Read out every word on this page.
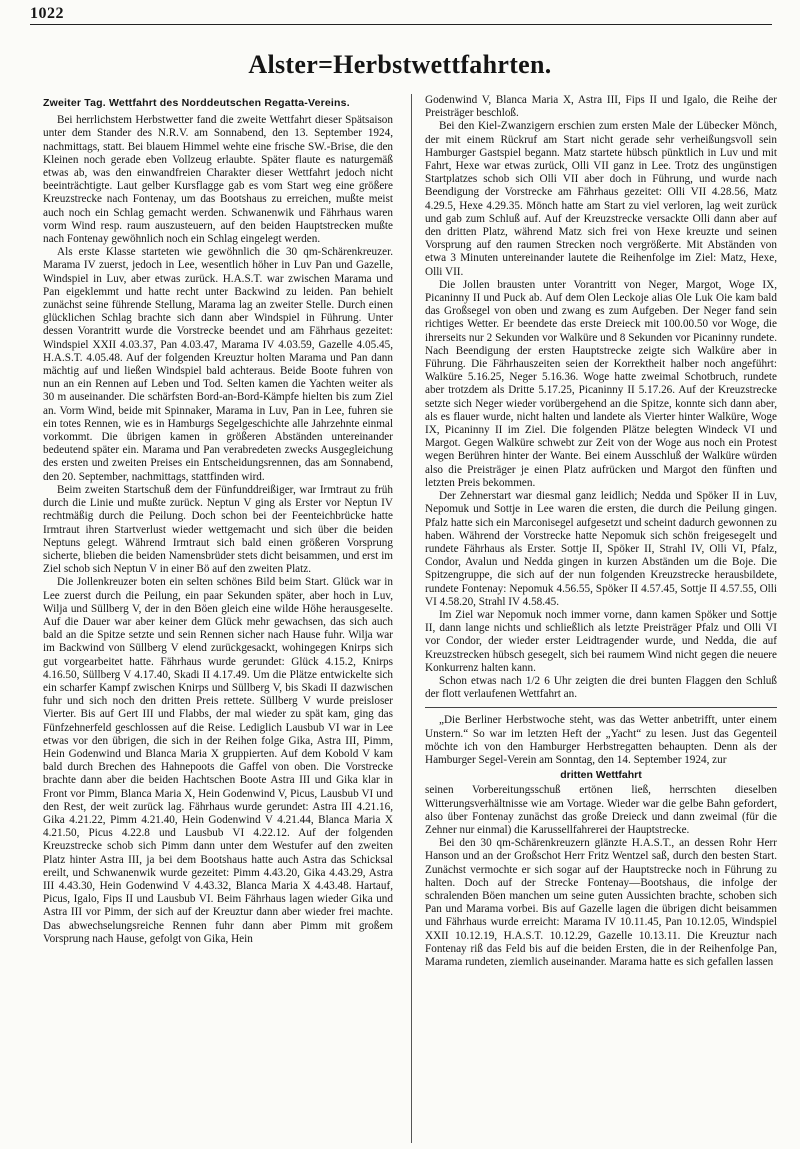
1022
Alster=Herbstwettfahrten.
Zweiter Tag. Wettfahrt des Norddeutschen Regatta-Vereins.

Bei herrlichstem Herbstwetter fand die zweite Wettfahrt dieser Spätsaison unter dem Stander des N.R.V. am Sonnabend, den 13. September 1924, nachmittags, statt. Bei blauem Himmel wehte eine frische SW.-Brise, die den Kleinen noch gerade eben Vollzeug erlaubte. Später flaute es naturgemäß etwas ab, was den einwandfreien Charakter dieser Wettfahrt jedoch nicht beeinträchtigte. Laut gelber Kursflagge gab es vom Start weg eine größere Kreuzstrecke nach Fontenay, um das Bootshaus zu erreichen, mußte meist auch noch ein Schlag gemacht werden. Schwanenwik und Fährhaus waren vorm Wind resp. raum auszusteuern, auf den beiden Hauptstrecken mußte nach Fontenay gewöhnlich noch ein Schlag eingelegt werden.

Als erste Klasse starteten wie gewöhnlich die 30 qm-Schärenkreuzer. Marama IV zuerst, jedoch in Lee, wesentlich höher in Luv Pan und Gazelle, Windspiel in Luv, aber etwas zurück. H.A.S.T. war zwischen Marama und Pan eigeklemmt und hatte recht unter Backwind zu leiden. Pan behielt zunächst seine führende Stellung, Marama lag an zweiter Stelle. Durch einen glücklichen Schlag brachte sich dann aber Windspiel in Führung. Unter dessen Vorantritt wurde die Vorstrecke beendet und am Fährhaus gezeitet: Windspiel XXII 4.03.37, Pan 4.03.47, Marama IV 4.03.59, Gazelle 4.05.45, H.A.S.T. 4.05.48. Auf der folgenden Kreuztur holten Marama und Pan dann mächtig auf und ließen Windspiel bald achteraus. Beide Boote fuhren von nun an ein Rennen auf Leben und Tod. Selten kamen die Yachten weiter als 30 m auseinander. Die schärfsten Bord-an-Bord-Kämpfe hielten bis zum Ziel an. Vorm Wind, beide mit Spinnaker, Marama in Luv, Pan in Lee, fuhren sie ein totes Rennen, wie es in Hamburgs Segelgeschichte alle Jahrzehnte einmal vorkommt. Die übrigen kamen in größeren Abständen untereinander bedeutend später ein. Marama und Pan verabredeten zwecks Ausgegleichung des ersten und zweiten Preises ein Entscheidungsrennen, das am Sonnabend, den 20. September, nachmittags, stattfinden wird.

Beim zweiten Startschuß dem der Fünfunddreißiger, war Irmtraut zu früh durch die Linie und mußte zurück. Neptun V ging als Erster vor Neptun IV rechtmäßig durch die Peilung. Doch schon bei der Feenteichbrücke hatte Irmtraut ihren Startverlust wieder wettgemacht und sich über die beiden Neptuns gelegt. Während Irmtraut sich bald einen größeren Vorsprung sicherte, blieben die beiden Namensbrüder stets dicht beisammen, und erst im Ziel schob sich Neptun V in einer Bö auf den zweiten Platz.

Die Jollenkreuzer boten ein selten schönes Bild beim Start. Glück war in Lee zuerst durch die Peilung, ein paar Sekunden später, aber hoch in Luv, Wilja und Süllberg V, der in den Böen gleich eine wilde Höhe herausgeselte. Auf die Dauer war aber keiner dem Glück mehr gewachsen, das sich auch bald an die Spitze setzte und sein Rennen sicher nach Hause fuhr. Wilja war im Backwind von Süllberg V elend zurückgesackt, wohingegen Knirps sich gut vorgearbeitet hatte. Fährhaus wurde gerundet: Glück 4.15.2, Knirps 4.16.50, Süllberg V 4.17.40, Skadi II 4.17.49. Um die Plätze entwickelte sich ein scharfer Kampf zwischen Knirps und Süllberg V, bis Skadi II dazwischen fuhr und sich noch den dritten Preis rettete. Süllberg V wurde preisloser Vierter. Bis auf Gert III und Flabbs, der mal wieder zu spät kam, ging das Fünfzehnerfeld geschlossen auf die Reise. Lediglich Lausbub VI war in Lee etwas vor den übrigen, die sich in der Reihen folge Gika, Astra III, Pimm, Hein Godenwind und Blanca Maria X gruppierten. Auf dem Kobold V kam bald durch Brechen des Hahnepoots die Gaffel von oben. Die Vorstrecke brachte dann aber die beiden Hachtschen Boote Astra III und Gika klar in Front vor Pimm, Blanca Maria X, Hein Godenwind V, Picus, Lausbub VI und den Rest, der weit zurück lag. Fährhaus wurde gerundet: Astra III 4.21.16, Gika 4.21.22, Pimm 4.21.40, Hein Godenwind V 4.21.44, Blanca Maria X 4.21.50, Picus 4.22.8 und Lausbub VI 4.22.12. Auf der folgenden Kreuzstrecke schob sich Pimm dann unter dem Westufer auf den zweiten Platz hinter Astra III, ja bei dem Bootshaus hatte auch Astra das Schicksal ereilt, und Schwanenwik wurde gezeitet: Pimm 4.43.20, Gika 4.43.29, Astra III 4.43.30, Hein Godenwind V 4.43.32, Blanca Maria X 4.43.48. Hartauf, Picus, Igalo, Fips II und Lausbub VI. Beim Fährhaus lagen wieder Gika und Astra III vor Pimm, der sich auf der Kreuztur dann aber wieder frei machte. Das abwechselungsreiche Rennen fuhr dann aber Pimm mit großem Vorsprung nach Hause, gefolgt von Gika, Hein

Godenwind V, Blanca Maria X, Astra III, Fips II und Igalo, die Reihe der Preisträger beschloß.

Bei den Kiel-Zwanzigern erschien zum ersten Male der Lübecker Mönch, der mit einem Rückruf am Start nicht gerade sehr verheißungsvoll sein Hamburger Gastspiel begann. Matz startete hübsch pünktlich in Luv und mit Fahrt, Hexe war etwas zurück, Olli VII ganz in Lee. Trotz des ungünstigen Startplatzes schob sich Olli VII aber doch in Führung, und wurde nach Beendigung der Vorstrecke am Fährhaus gezeitet: Olli VII 4.28.56, Matz 4.29.5, Hexe 4.29.35. Mönch hatte am Start zu viel verloren, lag weit zurück und gab zum Schluß auf. Auf der Kreuzstrecke versackte Olli dann aber auf den dritten Platz, während Matz sich frei von Hexe kreuzte und seinen Vorsprung auf den raumen Strecken noch vergrößerte. Mit Abständen von etwa 3 Minuten untereinander lautete die Reihenfolge im Ziel: Matz, Hexe, Olli VII.

Die Jollen brausten unter Vorantritt von Neger, Margot, Woge IX, Picaninny II und Puck ab. Auf dem Olen Leckoje alias Ole Luk Oie kam bald das Großsegel von oben und zwang es zum Aufgeben. Der Neger fand sein richtiges Wetter. Er beendete das erste Dreieck mit 100.00.50 vor Woge, die ihrerseits nur 2 Sekunden vor Walküre und 8 Sekunden vor Picaninny rundete. Nach Beendigung der ersten Hauptstrecke zeigte sich Walküre aber in Führung. Die Fährhauszeiten seien der Korrektheit halber noch angeführt: Walküre 5.16.25, Neger 5.16.36. Woge hatte zweimal Schotbruch, rundete aber trotzdem als Dritte 5.17.25, Picaninny II 5.17.26. Auf der Kreuzstrecke setzte sich Neger wieder vorübergehend an die Spitze, konnte sich dann aber, als es flauer wurde, nicht halten und landete als Vierter hinter Walküre, Woge IX, Picaninny II im Ziel. Die folgenden Plätze belegten Windeck VI und Margot. Gegen Walküre schwebt zur Zeit von der Woge aus noch ein Protest wegen Berühren hinter der Wante. Bei einem Ausschluß der Walküre würden also die Preisträger je einen Platz aufrücken und Margot den fünften und letzten Preis bekommen.

Der Zehnerstart war diesmal ganz leidlich; Nedda und Spöker II in Luv, Nepomuk und Sottje in Lee waren die ersten, die durch die Peilung gingen. Pfalz hatte sich ein Marconisegel aufgesetzt und scheint dadurch gewonnen zu haben. Während der Vorstrecke hatte Nepomuk sich schön freigesegelt und rundete Fährhaus als Erster. Sottje II, Spöker II, Strahl IV, Olli VI, Pfalz, Condor, Avalun und Nedda gingen in kurzen Abständen um die Boje. Die Spitzengruppe, die sich auf der nun folgenden Kreuzstrecke herausbildete, rundete Fontenay: Nepomuk 4.56.55, Spöker II 4.57.45, Sottje II 4.57.55, Olli VI 4.58.20, Strahl IV 4.58.45.

Im Ziel war Nepomuk noch immer vorne, dann kamen Spöker und Sottje II, dann lange nichts und schließlich als letzte Preisträger Pfalz und Olli VI vor Condor, der wieder erster Leidtragender wurde, und Nedda, die auf Kreuzstrecken hübsch gesegelt, sich bei raumem Wind nicht gegen die neuere Konkurrenz halten kann.

Schon etwas nach 1/2 6 Uhr zeigten die drei bunten Flaggen den Schluß der flott verlaufenen Wettfahrt an.

„Die Berliner Herbstwoche steht, was das Wetter anbetrifft, unter einem Unstern.“ So war im letzten Heft der „Yacht“ zu lesen. Just das Gegenteil möchte ich von den Hamburger Herbstregatten behaupten. Denn als der Hamburger Segel-Verein am Sonntag, den 14. September 1924, zur

dritten Wettfahrt

seinen Vorbereitungsschuß ertönen ließ, herrschten dieselben Witterungsverhältnisse wie am Vortage. Wieder war die gelbe Bahn gefordert, also über Fontenay zunächst das große Dreieck und dann zweimal (für die Zehner nur einmal) die Karussellfahrerei der Hauptstrecke.

Bei den 30 qm-Schärenkreuzern glänzte H.A.S.T., an dessen Rohr Herr Hanson und an der Großschot Herr Fritz Wentzel saß, durch den besten Start. Zunächst vermochte er sich sogar auf der Hauptstrecke noch in Führung zu halten. Doch auf der Strecke Fontenay—Bootshaus, die infolge der schralenden Böen manchen um seine guten Aussichten brachte, schoben sich Pan und Marama vorbei. Bis auf Gazelle lagen die übrigen dicht beisammen und Fährhaus wurde erreicht: Marama IV 10.11.45, Pan 10.12.05, Windspiel XXII 10.12.19, H.A.S.T. 10.12.29, Gazelle 10.13.11. Die Kreuztur nach Fontenay riß das Feld bis auf die beiden Ersten, die in der Reihenfolge Pan, Marama rundeten, ziemlich auseinander. Marama hatte es sich gefallen lassen
